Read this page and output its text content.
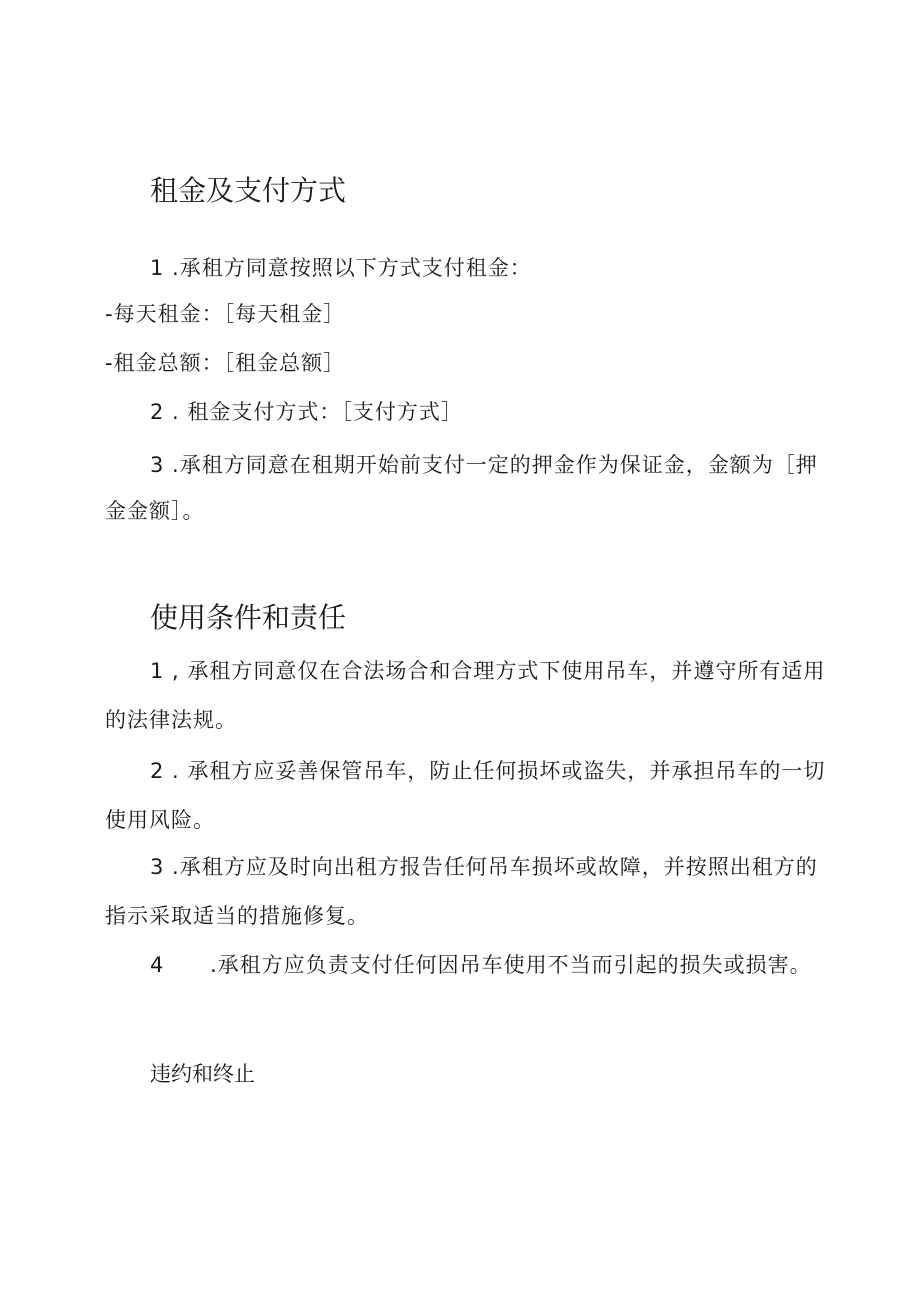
租金及支付方式

1 .承租方同意按照以下方式支付租金：

-每天租金：［每天租金］

-租金总额：［租金总额］

2 . 租金支付方式：［支付方式］

3 .承租方同意在租期开始前支付一定的押金作为保证金，金额为［押

金金额］。

使用条件和责任

1 , 承租方同意仅在合法场合和合理方式下使用吊车，并遵守所有适用

的法律法规。

2 . 承租方应妥善保管吊车，防止任何损坏或盗失，并承担吊车的一切

使用风险。

3 .承租方应及时向出租方报告任何吊车损坏或故障，并按照出租方的

指示采取适当的措施修复。

4 .承租方应负责支付任何因吊车使用不当而引起的损失或损害。

违约和终止
